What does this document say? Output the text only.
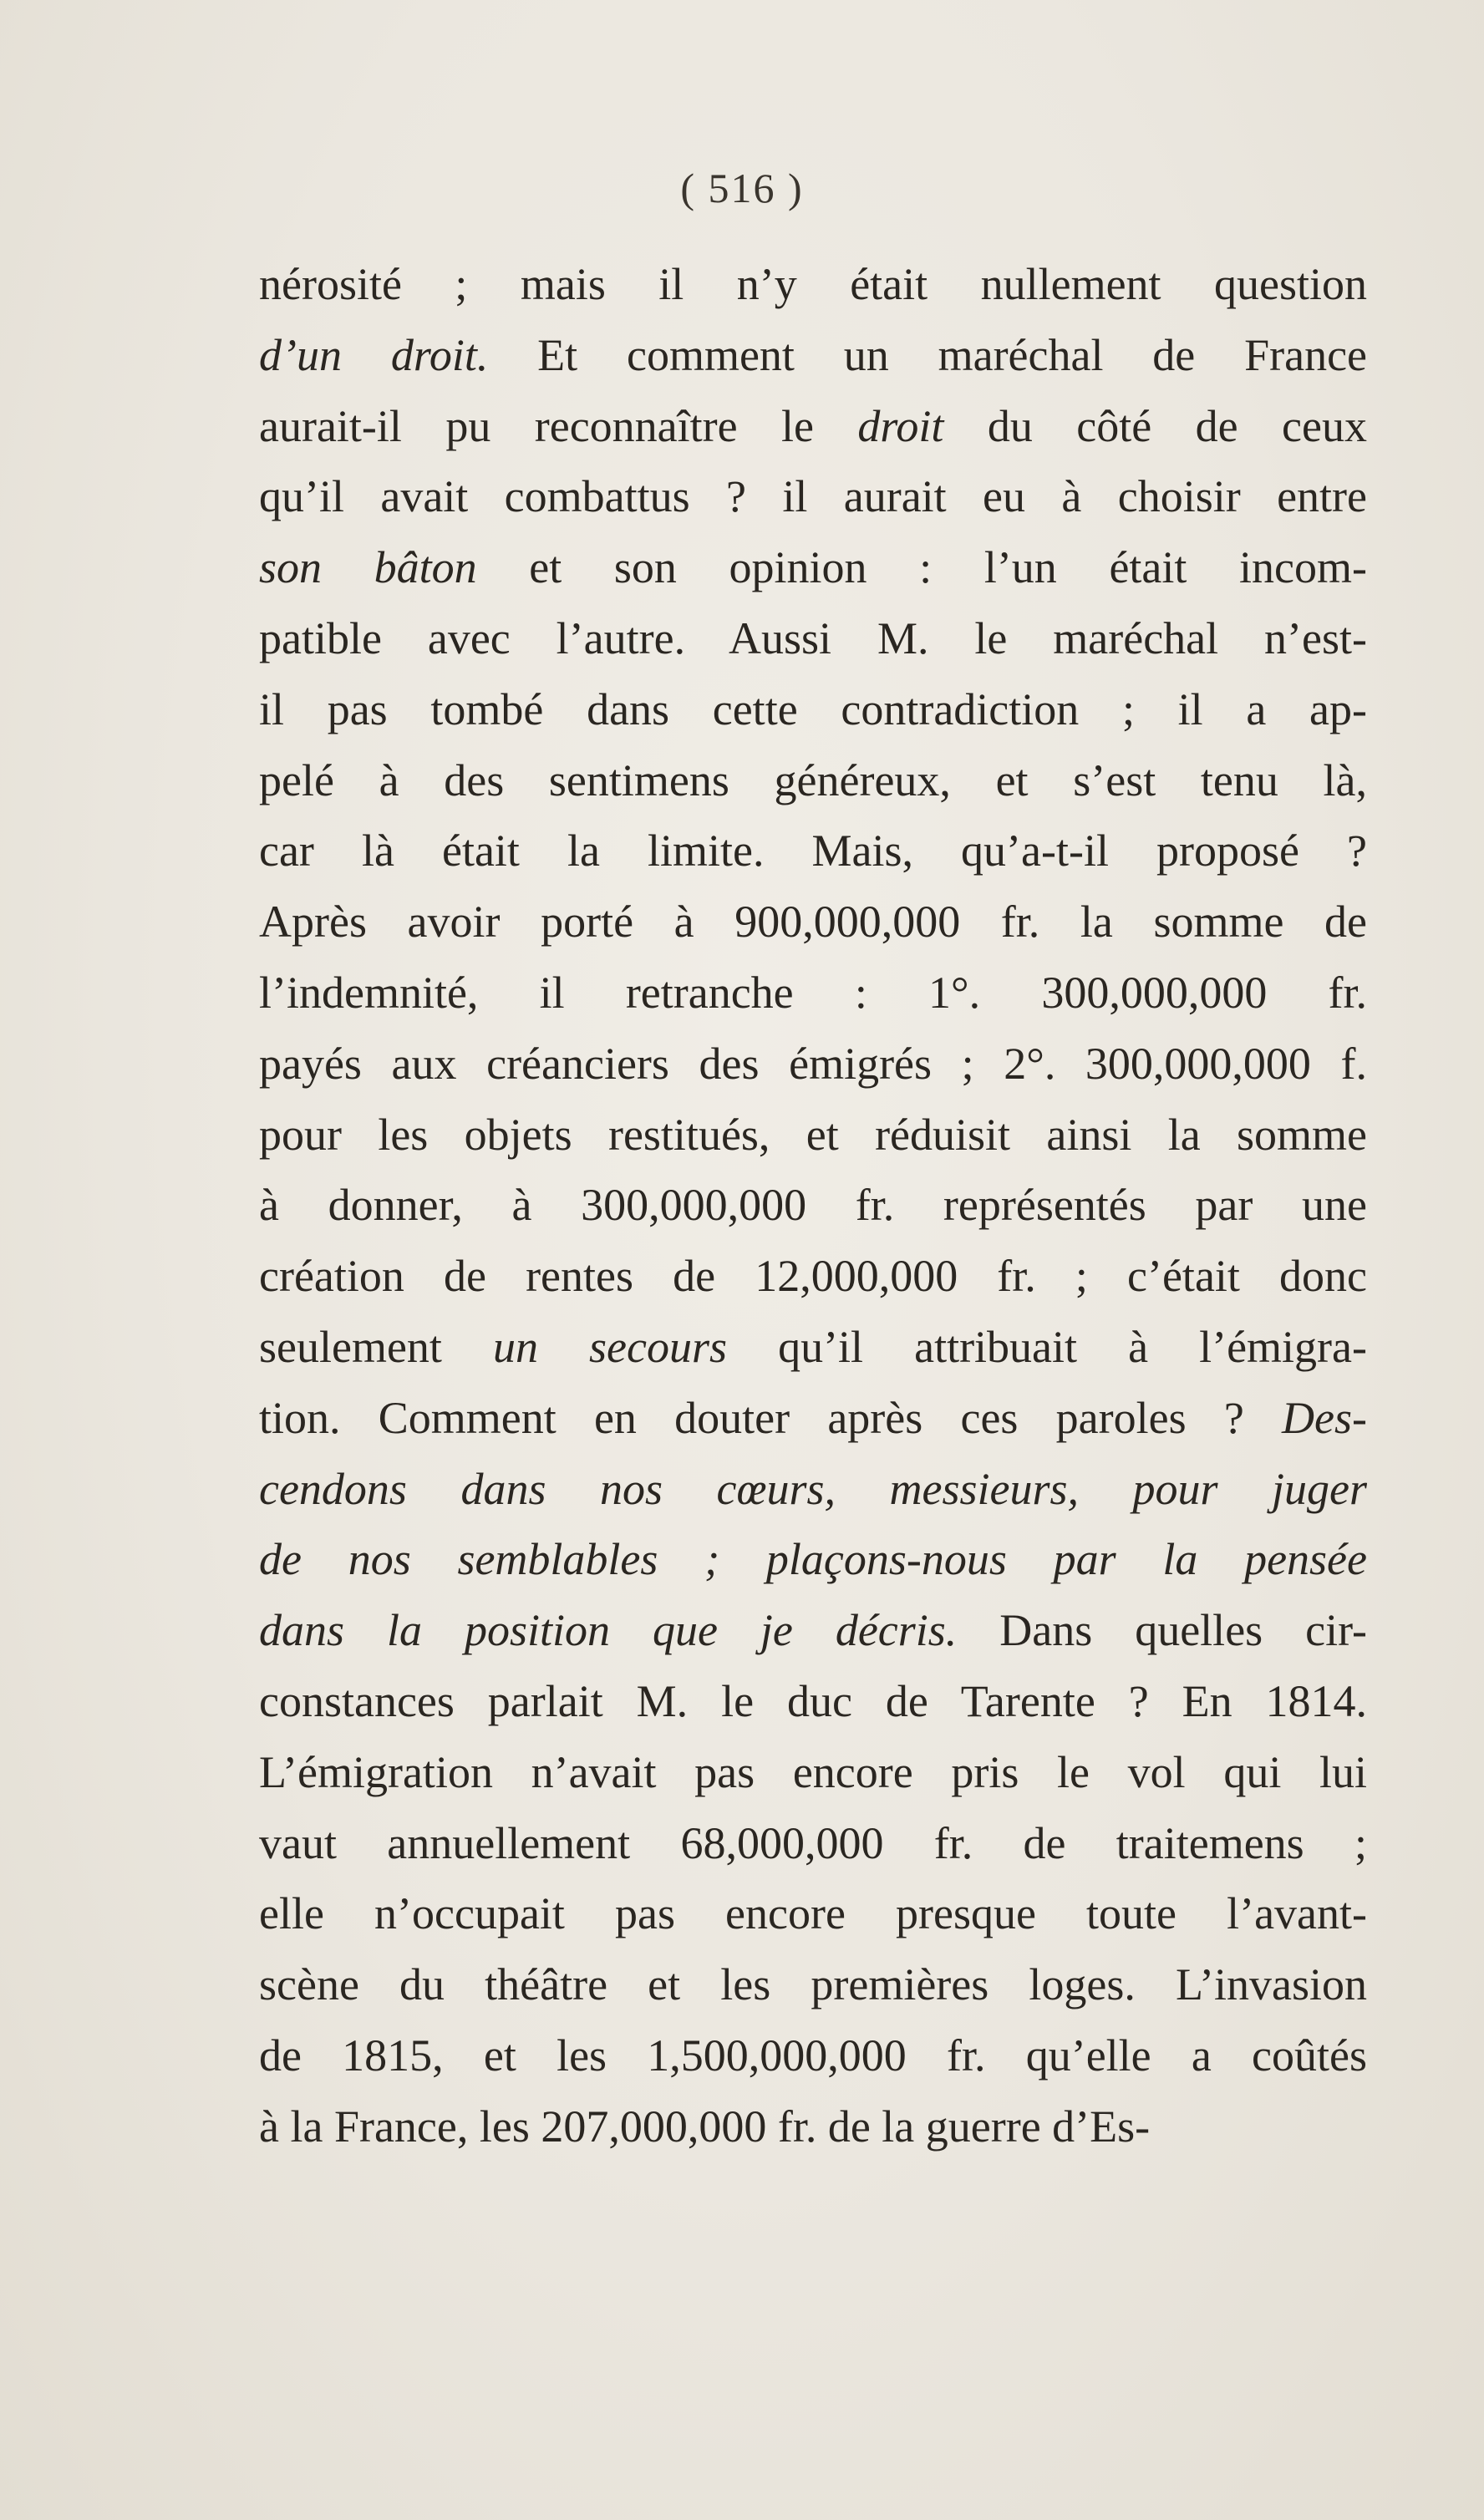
( 516 )
nérosité ; mais il n’y était nullement question
d’un droit. Et comment un maréchal de France
aurait-il pu reconnaître le droit du côté de ceux
qu’il avait combattus ? il aurait eu à choisir entre
son bâton et son opinion : l’un était incom-
patible avec l’autre. Aussi M. le maréchal n’est-
il pas tombé dans cette contradiction ; il a ap-
pelé à des sentimens généreux, et s’est tenu là,
car là était la limite. Mais, qu’a-t-il proposé ?
Après avoir porté à 900,000,000 fr. la somme de
l’indemnité, il retranche : 1°. 300,000,000 fr.
payés aux créanciers des émigrés ; 2°. 300,000,000 f.
pour les objets restitués, et réduisit ainsi la somme
à donner, à 300,000,000 fr. représentés par une
création de rentes de 12,000,000 fr. ; c’était donc
seulement un secours qu’il attribuait à l’émigra-
tion. Comment en douter après ces paroles ? Des-
cendons dans nos cœurs, messieurs, pour juger
de nos semblables ; plaçons-nous par la pensée
dans la position que je décris. Dans quelles cir-
constances parlait M. le duc de Tarente ? En 1814.
L’émigration n’avait pas encore pris le vol qui lui
vaut annuellement 68,000,000 fr. de traitemens ;
elle n’occupait pas encore presque toute l’avant-
scène du théâtre et les premières loges. L’invasion
de 1815, et les 1,500,000,000 fr. qu’elle a coûtés
à la France, les 207,000,000 fr. de la guerre d’Es-
